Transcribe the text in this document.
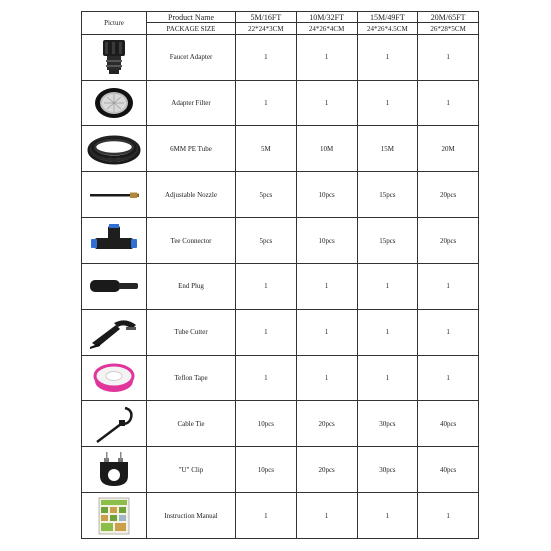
Picture	Product Name	5M/16FT	10M/32FT	15M/49FT	20M/65FT
	PACKAGE SIZE	22*24*3CM	24*26*4CM	24*26*4.5CM	26*28*5CM

	Faucet Adapter	1	1	1	1

	Adapter Filter	1	1	1	1

	6MM PE Tube	5M	10M	15M	20M

	Adjustable Nozzle	5pcs	10pcs	15pcs	20pcs

	Tee Connector	5pcs	10pcs	15pcs	20pcs

	End Plug	1	1	1	1

	Tube Cutter	1	1	1	1

	Teflon Tape	1	1	1	1

	Cable Tie	10pcs	20pcs	30pcs	40pcs

	"U" Clip	10pcs	20pcs	30pcs	40pcs

	Instruction Manual	1	1	1	1
